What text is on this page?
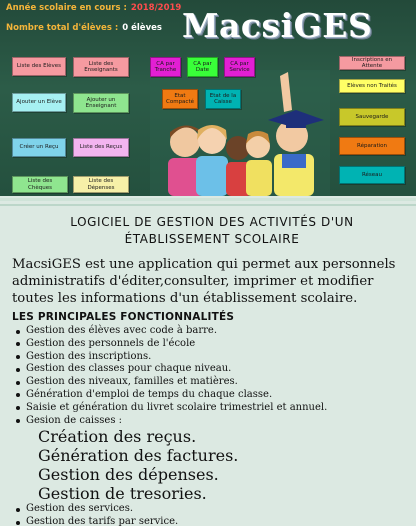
Année scolaire en cours : 2018/2019
Nombre total d'élèves : 0 élèves MacsiGES
Liste des Elèves
Ajouter un Elève
Créer un Reçu
Liste des Chèques
Liste des Enseignants
Ajouter un Enseignant
Liste des Reçus
Liste des Dépenses
CA par Tranche
CA par Date
CA par Service
Etat Compacté
Etat de la Caisse
Inscriptions en Attente
Elèves non Traités
Sauvegarde
Réparation
Réseau
LOGICIEL DE GESTION DES ACTIVITÉS D'UN ÉTABLISSEMENT SCOLAIRE

MacsiGES est une application qui permet aux personnels administratifs d'éditer,consulter, imprimer et modifier toutes les informations d'un établissement scolaire.

LES PRINCIPALES FONCTIONNALITÉS
Gestion des élèves avec code à barre.
Gestion des personnels de l'école
Gestion des inscriptions.
Gestion des classes pour chaque niveau.
Gestion des niveaux, familles et matières.
Génération d'emploi de temps du chaque classe.
Saisie et génération du livret scolaire trimestriel et annuel.
Gesion de caisses :
Création des reçus.
Génération des factures.
Gestion des dépenses.
Gestion de tresories.
Gestion des services.
Gestion des tarifs par service.
